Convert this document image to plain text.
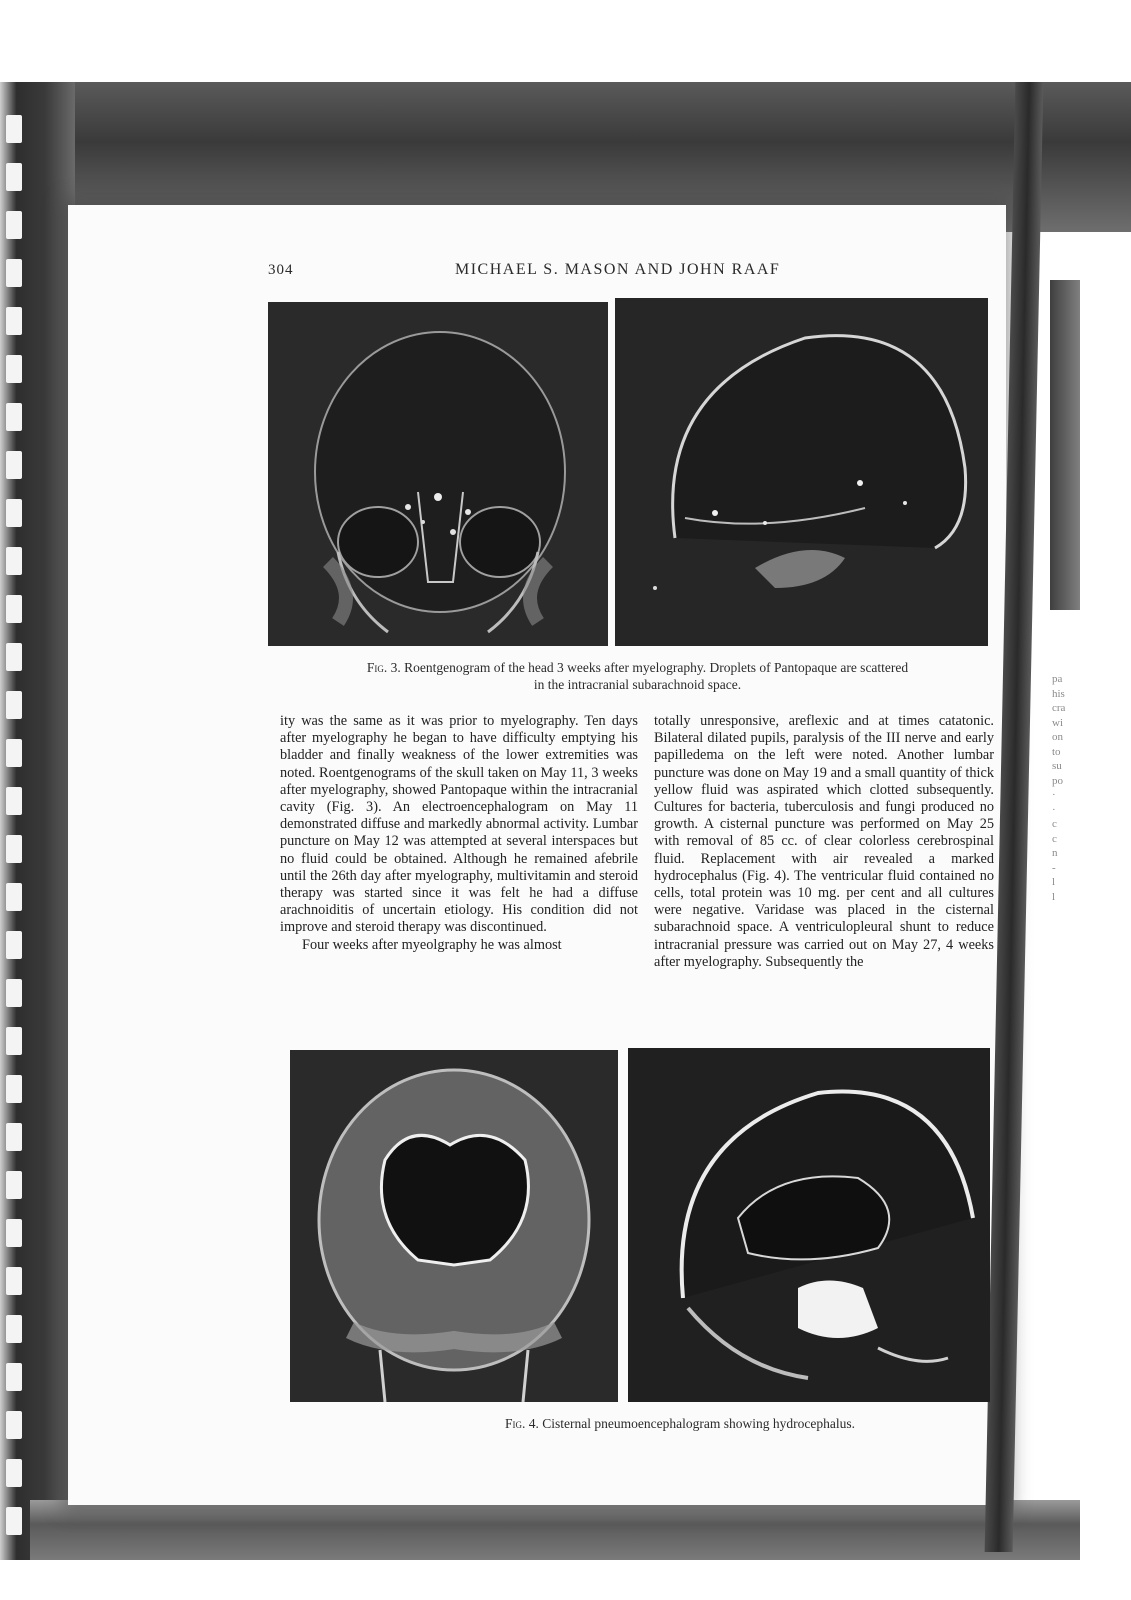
304	MICHAEL S. MASON AND JOHN RAAF
Fig. 3. Roentgenogram of the head 3 weeks after myelography. Droplets of Pantopaque are scattered
in the intracranial subarachnoid space.

ity was the same as it was prior to myelography. Ten days after myelography he began to have difficulty emptying his bladder and finally weakness of the lower extremities was noted. Roentgenograms of the skull taken on May 11, 3 weeks after myelography, showed Pantopaque within the intracranial cavity (Fig. 3). An electroencephalogram on May 11 demonstrated diffuse and markedly abnormal activity. Lumbar puncture on May 12 was attempted at several interspaces but no fluid could be obtained. Although he remained afebrile until the 26th day after myelography, multivitamin and steroid therapy was started since it was felt he had a diffuse arachnoiditis of uncertain etiology. His condition did not improve and steroid therapy was discontinued.

Four weeks after myeolgraphy he was almost

totally unresponsive, areflexic and at times catatonic. Bilateral dilated pupils, paralysis of the III nerve and early papilledema on the left were noted. Another lumbar puncture was done on May 19 and a small quantity of thick yellow fluid was aspirated which clotted subsequently. Cultures for bacteria, tuberculosis and fungi produced no growth. A cisternal puncture was performed on May 25 with removal of 85 cc. of clear colorless cerebrospinal fluid. Replacement with air revealed a marked hydrocephalus (Fig. 4). The ventricular fluid contained no cells, total protein was 10 mg. per cent and all cultures were negative. Varidase was placed in the cisternal subarachnoid space. A ventriculopleural shunt to reduce intracranial pressure was carried out on May 27, 4 weeks after myelography. Subsequently the

Fig. 4. Cisternal pneumoencephalogram showing hydrocephalus.
pa
his
cra
wi
on
to
su
po
·
·
c
c
n
-
l
l
